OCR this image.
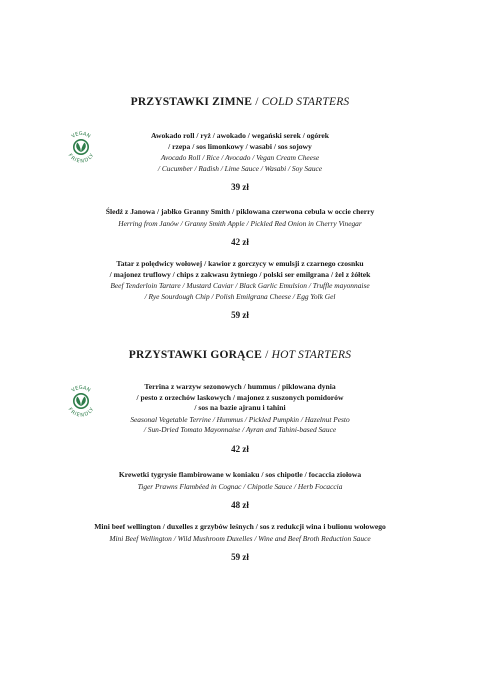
PRZYSTAWKI ZIMNE / COLD STARTERS
VEGAN
FRIENDLY
Awokado roll / ryż / awokado / wegański serek / ogórek
/ rzepa / sos limonkowy / wasabi / sos sojowy
Avocado Roll / Rice / Avocado / Vegan Cream Cheese
/ Cucumber / Radish / Lime Sauce / Wasabi / Soy Sauce
39 zł
Śledź z Janowa / jabłko Granny Smith / piklowana czerwona cebula w occie cherry
Herring from Janów / Granny Smith Apple / Pickled Red Onion in Cherry Vinegar
42 zł
Tatar z polędwicy wołowej / kawior z gorczycy w emulsji z czarnego czosnku
/ majonez truflowy / chips z zakwasu żytniego / polski ser emilgrana / żel z żółtek
Beef Tenderloin Tartare / Mustard Caviar / Black Garlic Emulsion / Truffle mayonnaise
/ Rye Sourdough Chip / Polish Emilgrana Cheese / Egg Yolk Gel
59 zł
PRZYSTAWKI GORĄCE / HOT STARTERS
VEGAN
FRIENDLY
Terrina z warzyw sezonowych / hummus / piklowana dynia
/ pesto z orzechów laskowych / majonez z suszonych pomidorów
/ sos na bazie ajranu i tahini
Seasonal Vegetable Terrine / Hummus / Pickled Pumpkin / Hazelnut Pesto
/ Sun-Dried Tomato Mayonnaise / Ayran and Tahini-based Sauce
42 zł
Krewetki tygrysie flambirowane w koniaku / sos chipotle / focaccia ziołowa
Tiger Prawns Flambéed in Cognac / Chipotle Sauce / Herb Focaccia
48 zł
Mini beef wellington / duxelles z grzybów leśnych / sos z redukcji wina i bulionu wołowego
Mini Beef Wellington / Wild Mushroom Duxelles / Wine and Beef Broth Reduction Sauce
59 zł
